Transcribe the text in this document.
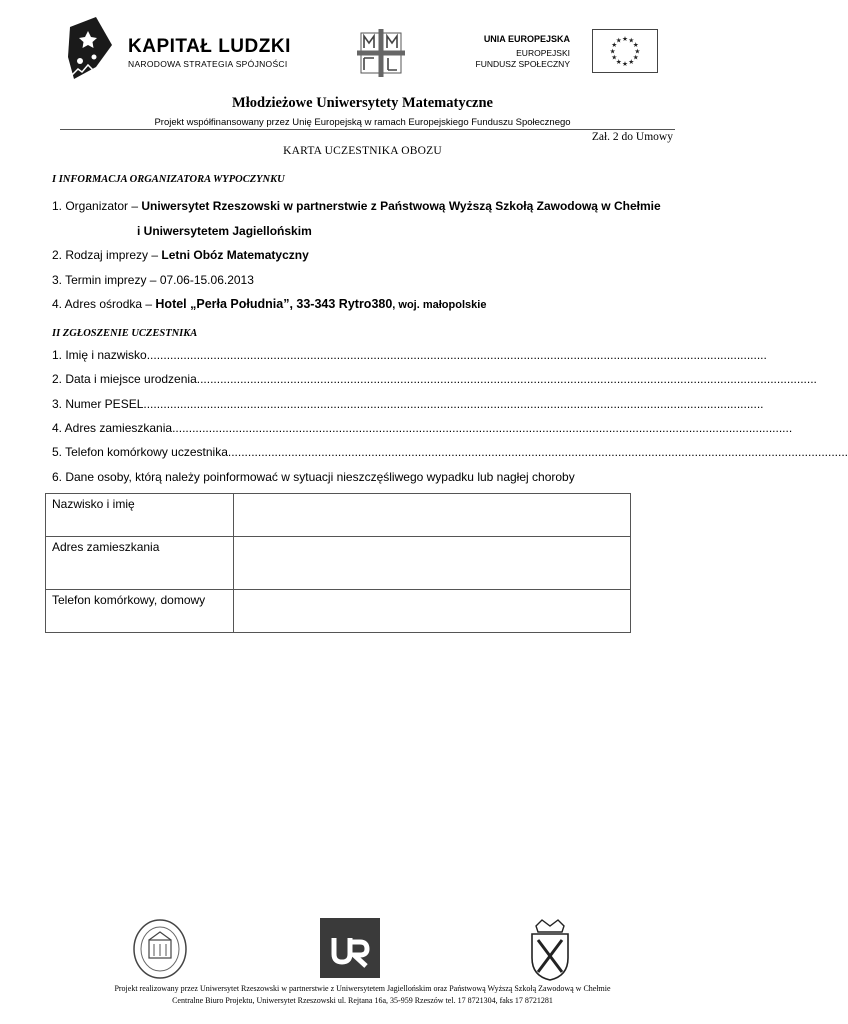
KAPITAŁ LUDZKI
NARODOWA STRATEGIA SPÓJNOŚCI
UNIA EUROPEJSKA
EUROPEJSKI
FUNDUSZ SPOŁECZNY
★ ★
★
★
★
★
★
★
★
★
★
★
Młodzieżowe Uniwersytety Matematyczne
Projekt współfinansowany przez Unię Europejską w ramach Europejskiego Funduszu Społecznego
Zał. 2 do Umowy
KARTA UCZESTNIKA OBOZU
I INFORMACJA ORGANIZATORA WYPOCZYNKU
1. Organizator – Uniwersytet Rzeszowski w partnerstwie z Państwową Wyższą Szkołą Zawodową w Chełmie
i Uniwersytetem Jagiellońskim
2. Rodzaj imprezy – Letni Obóz Matematyczny
3. Termin imprezy – 07.06-15.06.2013
4. Adres ośrodka – Hotel „Perła Południa”, 33-343 Rytro380, woj. małopolskie
II ZGŁOSZENIE UCZESTNIKA
1. Imię i nazwisko ..........................................................................................................................................................................................
2. Data i miejsce urodzenia ..........................................................................................................................................................................................
3. Numer PESEL ..........................................................................................................................................................................................
4. Adres zamieszkania ..........................................................................................................................................................................................
5. Telefon komórkowy uczestnika ..........................................................................................................................................................................................
6. Dane osoby, którą należy poinformować w sytuacji nieszczęśliwego wypadku lub nagłej choroby
Nazwisko i imię	
Adres zamieszkania	
Telefon komórkowy, domowy	
Projekt realizowany przez Uniwersytet Rzeszowski w partnerstwie z Uniwersytetem Jagiellońskim oraz Państwową Wyższą Szkołą Zawodową w Chełmie
Centralne Biuro Projektu, Uniwersytet Rzeszowski ul. Rejtana 16a, 35-959 Rzeszów tel. 17 8721304, faks 17 8721281
